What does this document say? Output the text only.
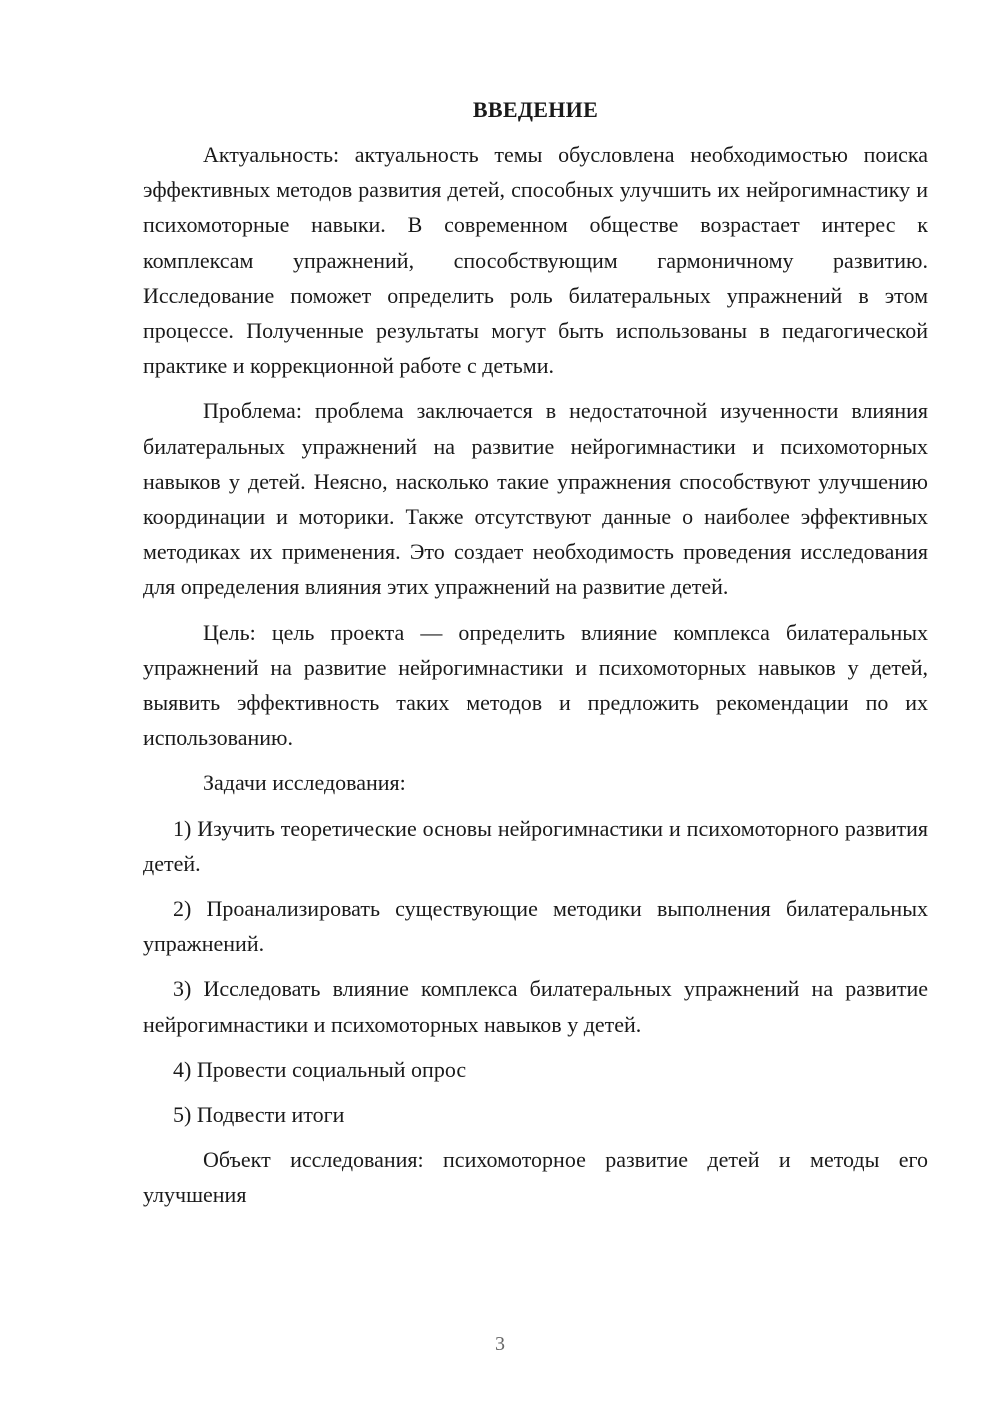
ВВЕДЕНИЕ

Актуальность: актуальность темы обусловлена необходимостью поиска эффективных методов развития детей, способных улучшить их нейрогимнастику и психомоторные навыки. В современном обществе возрастает интерес к комплексам упражнений, способствующим гармоничному развитию. Исследование поможет определить роль билатеральных упражнений в этом процессе. Полученные результаты могут быть использованы в педагогической практике и коррекционной работе с детьми.

Проблема: проблема заключается в недостаточной изученности влияния билатеральных упражнений на развитие нейрогимнастики и психомоторных навыков у детей. Неясно, насколько такие упражнения способствуют улучшению координации и моторики. Также отсутствуют данные о наиболее эффективных методиках их применения. Это создает необходимость проведения исследования для определения влияния этих упражнений на развитие детей.

Цель: цель проекта — определить влияние комплекса билатеральных упражнений на развитие нейрогимнастики и психомоторных навыков у детей, выявить эффективность таких методов и предложить рекомендации по их использованию.

Задачи исследования:

1) Изучить теоретические основы нейрогимнастики и психомоторного развития детей.

2) Проанализировать существующие методики выполнения билатеральных упражнений.

3) Исследовать влияние комплекса билатеральных упражнений на развитие нейрогимнастики и психомоторных навыков у детей.

4) Провести социальный опрос

5) Подвести итоги

Объект исследования: психомоторное развитие детей и методы его улучшения

3
